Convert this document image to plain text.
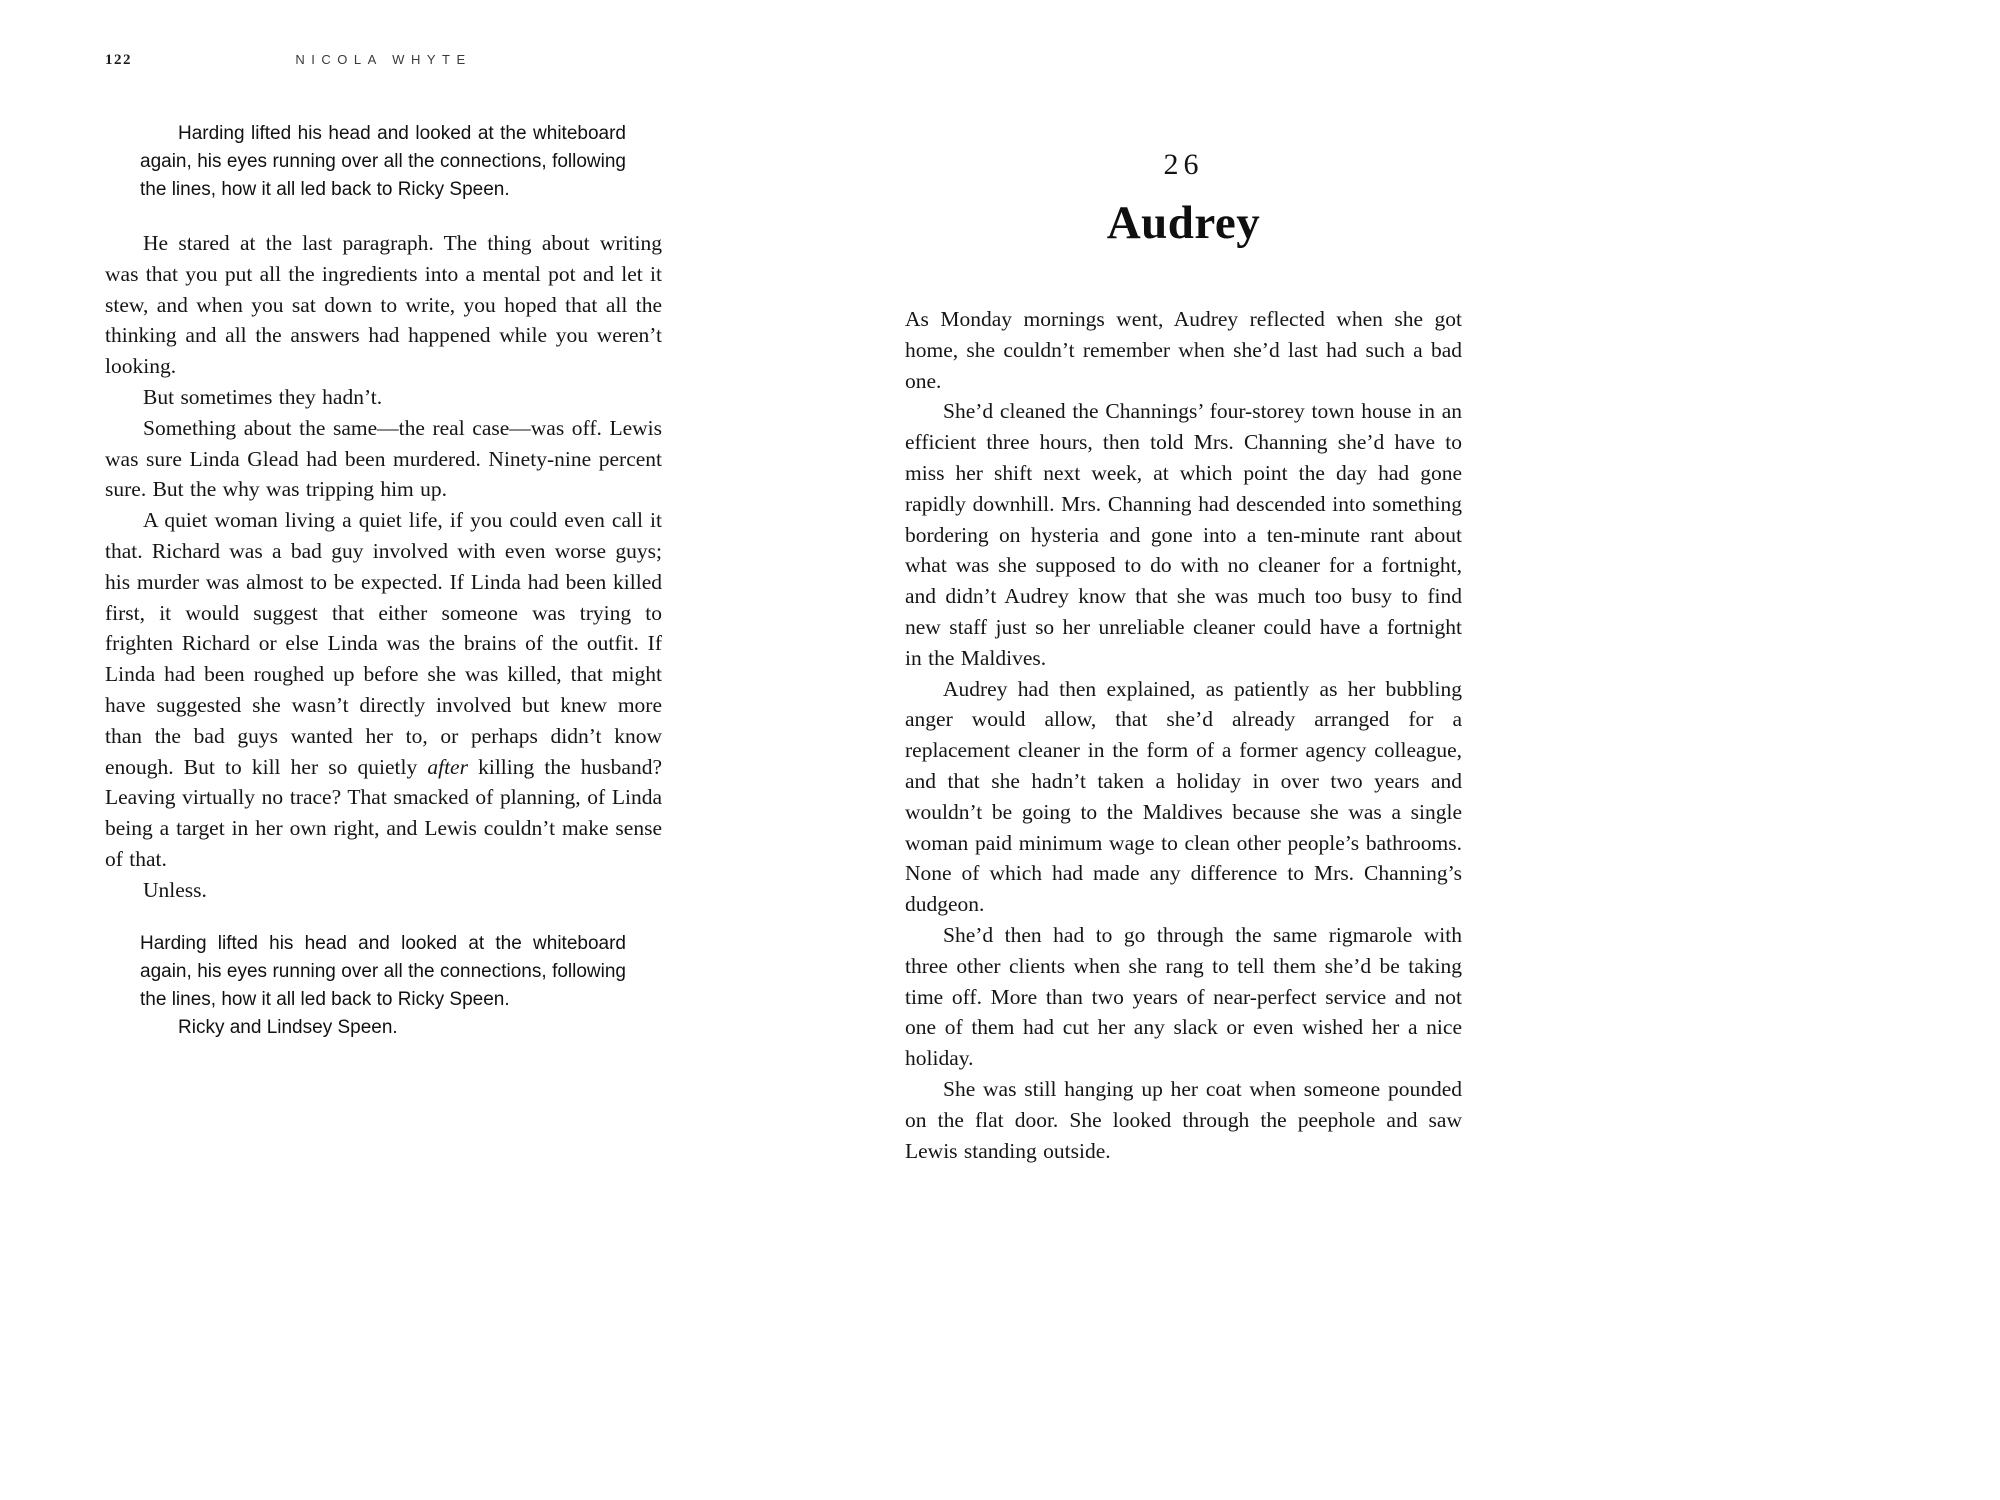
122	NICOLA WHYTE

Harding lifted his head and looked at the whiteboard again, his eyes running over all the connections, following the lines, how it all led back to Ricky Speen.

He stared at the last paragraph. The thing about writing was that you put all the ingredients into a mental pot and let it stew, and when you sat down to write, you hoped that all the thinking and all the answers had happened while you weren’t looking.

But sometimes they hadn’t.

Something about the same—the real case—was off. Lewis was sure Linda Glead had been murdered. Ninety-nine percent sure. But the why was tripping him up.

A quiet woman living a quiet life, if you could even call it that. Richard was a bad guy involved with even worse guys; his murder was almost to be expected. If Linda had been killed first, it would suggest that either someone was trying to frighten Richard or else Linda was the brains of the outfit. If Linda had been roughed up before she was killed, that might have suggested she wasn’t directly involved but knew more than the bad guys wanted her to, or perhaps didn’t know enough. But to kill her so quietly after killing the husband? Leaving virtually no trace? That smacked of planning, of Linda being a target in her own right, and Lewis couldn’t make sense of that.

Unless.

Harding lifted his head and looked at the whiteboard again, his eyes running over all the connections, following the lines, how it all led back to Ricky Speen.

Ricky and Lindsey Speen.

26
Audrey

As Monday mornings went, Audrey reflected when she got home, she couldn’t remember when she’d last had such a bad one.

She’d cleaned the Channings’ four-storey town house in an efficient three hours, then told Mrs. Channing she’d have to miss her shift next week, at which point the day had gone rapidly downhill. Mrs. Channing had descended into something bordering on hysteria and gone into a ten-minute rant about what was she supposed to do with no cleaner for a fortnight, and didn’t Audrey know that she was much too busy to find new staff just so her unreliable cleaner could have a fortnight in the Maldives.

Audrey had then explained, as patiently as her bubbling anger would allow, that she’d already arranged for a replacement cleaner in the form of a former agency colleague, and that she hadn’t taken a holiday in over two years and wouldn’t be going to the Maldives because she was a single woman paid minimum wage to clean other people’s bathrooms. None of which had made any difference to Mrs. Channing’s dudgeon.

She’d then had to go through the same rigmarole with three other clients when she rang to tell them she’d be taking time off. More than two years of near-perfect service and not one of them had cut her any slack or even wished her a nice holiday.

She was still hanging up her coat when someone pounded on the flat door. She looked through the peephole and saw Lewis standing outside.
